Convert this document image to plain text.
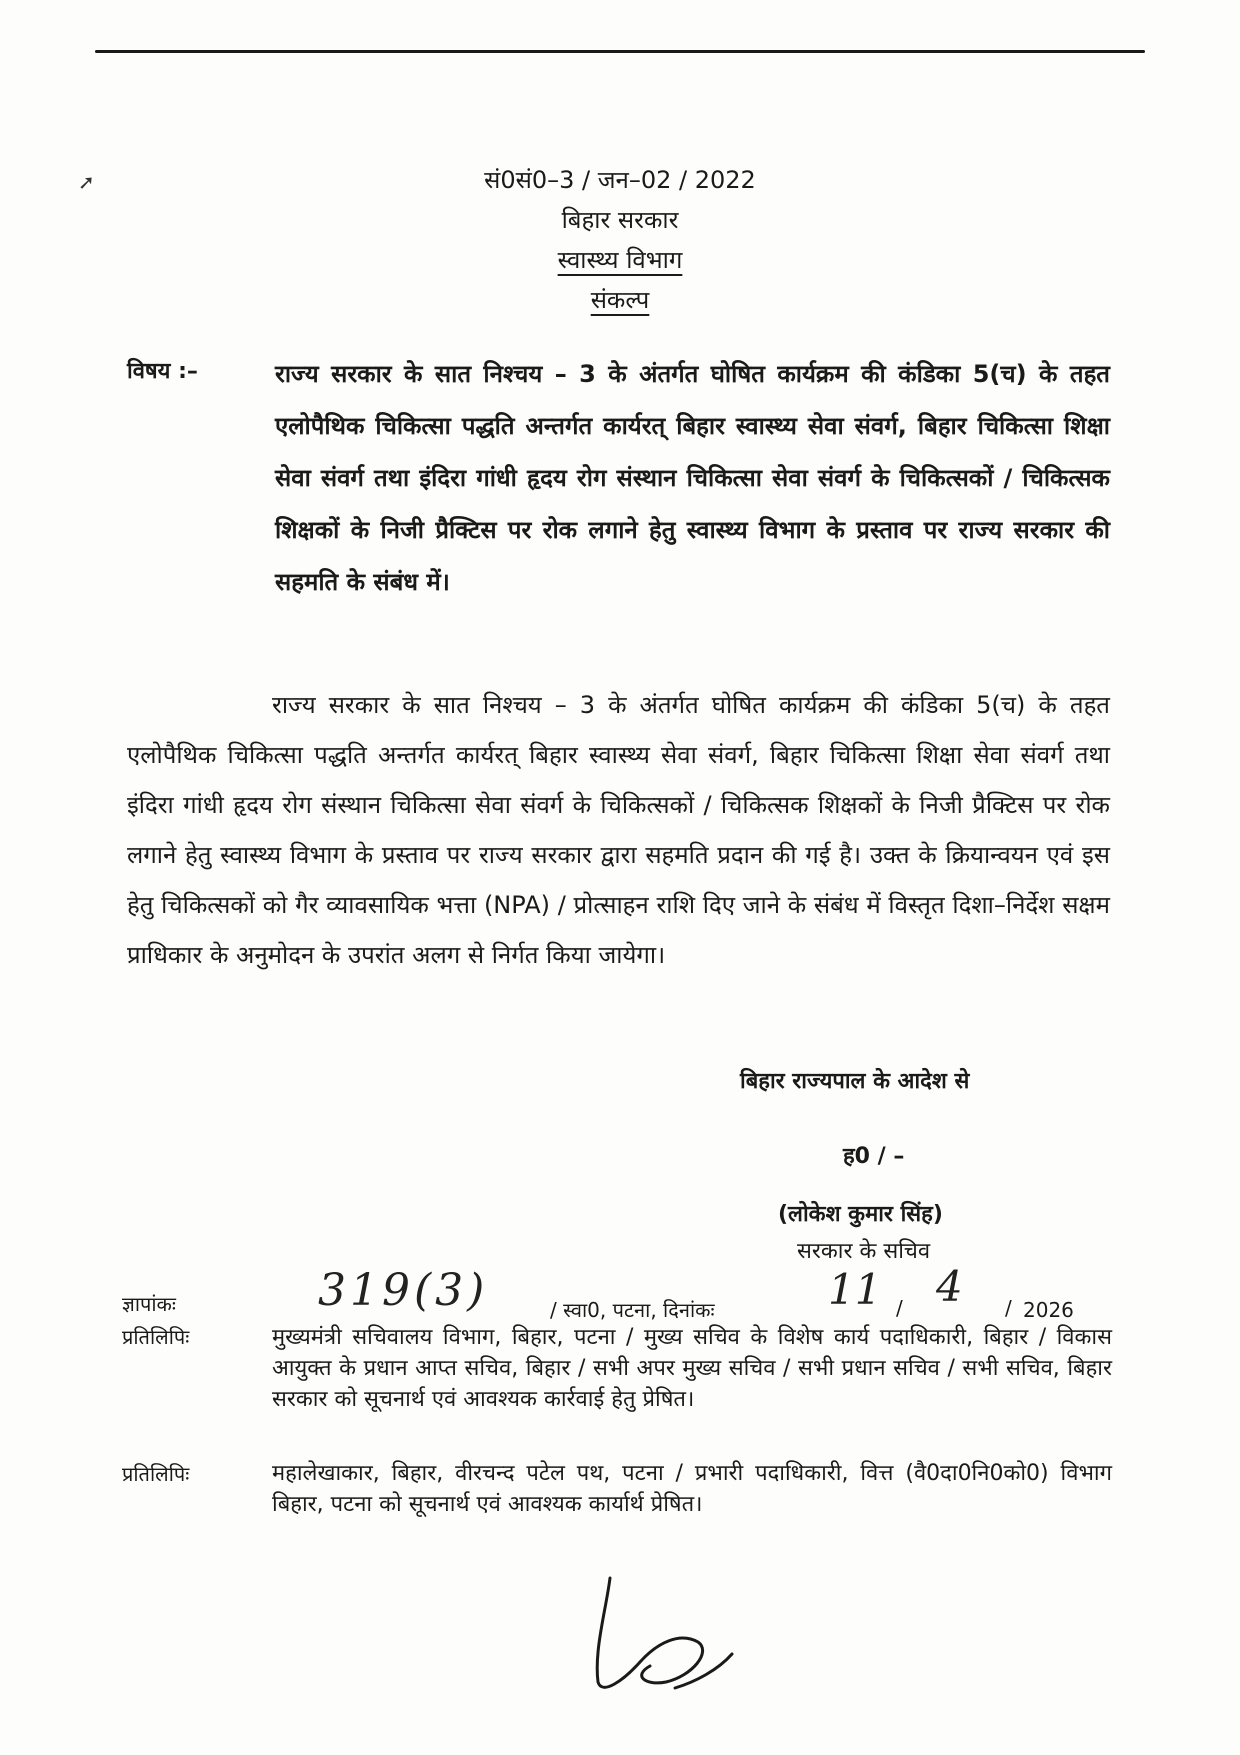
➚	सं0सं0–3 / जन–02 / 2022
बिहार सरकार
स्वास्थ्य विभाग
संकल्प
विषय :–	राज्य सरकार के सात निश्चय – 3 के अंतर्गत घोषित कार्यक्रम की कंडिका 5(च) के तहत एलोपैथिक चिकित्सा पद्धति अन्तर्गत कार्यरत् बिहार स्वास्थ्य सेवा संवर्ग, बिहार चिकित्सा शिक्षा सेवा संवर्ग तथा इंदिरा गांधी हृदय रोग संस्थान चिकित्सा सेवा संवर्ग के चिकित्सकों / चिकित्सक शिक्षकों के निजी प्रैक्टिस पर रोक लगाने हेतु स्वास्थ्य विभाग के प्रस्ताव पर राज्य सरकार की सहमति के संबंध में।
राज्य सरकार के सात निश्चय – 3 के अंतर्गत घोषित कार्यक्रम की कंडिका 5(च) के तहत एलोपैथिक चिकित्सा पद्धति अन्तर्गत कार्यरत् बिहार स्वास्थ्य सेवा संवर्ग, बिहार चिकित्सा शिक्षा सेवा संवर्ग तथा इंदिरा गांधी हृदय रोग संस्थान चिकित्सा सेवा संवर्ग के चिकित्सकों / चिकित्सक शिक्षकों के निजी प्रैक्टिस पर रोक लगाने हेतु स्वास्थ्य विभाग के प्रस्ताव पर राज्य सरकार द्वारा सहमति प्रदान की गई है। उक्त के क्रियान्वयन एवं इस हेतु चिकित्सकों को गैर व्यावसायिक भत्ता (NPA) / प्रोत्साहन राशि दिए जाने के संबंध में विस्तृत दिशा–निर्देश सक्षम प्राधिकार के अनुमोदन के उपरांत अलग से निर्गत किया जायेगा।
बिहार राज्यपाल के आदेश से
ह0 / –
(लोकेश कुमार सिंह)
सरकार के सचिव
ज्ञापांकः	319(3)	/ स्वा0, पटना, दिनांकः	11 / 4 / 2026
प्रतिलिपिः	मुख्यमंत्री सचिवालय विभाग, बिहार, पटना / मुख्य सचिव के विशेष कार्य पदाधिकारी, बिहार / विकास आयुक्त के प्रधान आप्त सचिव, बिहार / सभी अपर मुख्य सचिव / सभी प्रधान सचिव / सभी सचिव, बिहार सरकार को सूचनार्थ एवं आवश्यक कार्रवाई हेतु प्रेषित।
प्रतिलिपिः	महालेखाकार, बिहार, वीरचन्द पटेल पथ, पटना / प्रभारी पदाधिकारी, वित्त (वै0दा0नि0को0) विभाग बिहार, पटना को सूचनार्थ एवं आवश्यक कार्यार्थ प्रेषित।
